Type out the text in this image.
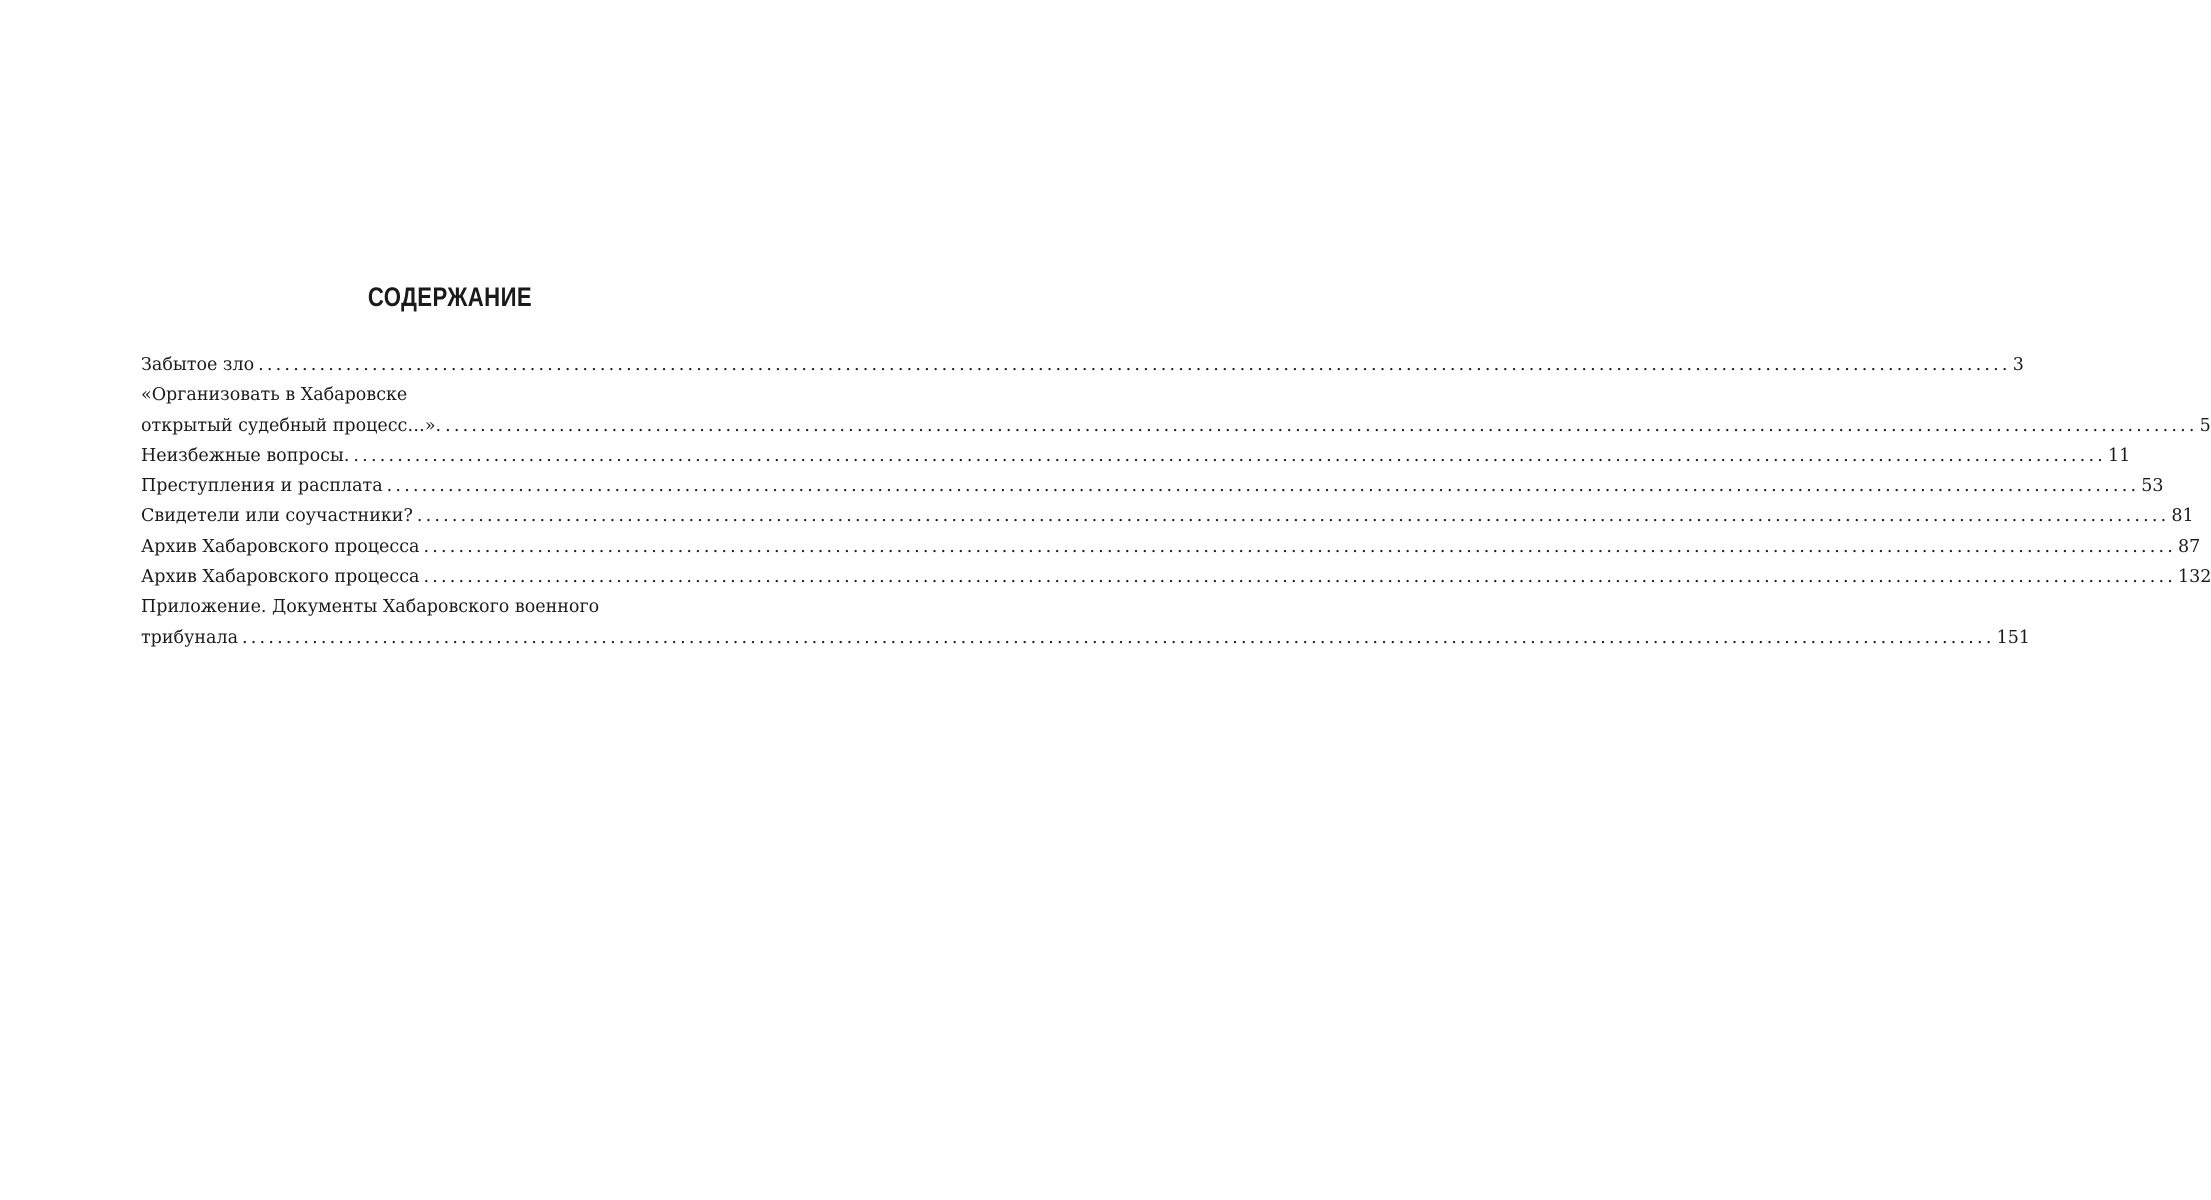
СОДЕРЖАНИЕ
Забытое зло ........................................................................................................................................................................................................ 3
«Организовать в Хабаровске
открытый судебный процесс…». ........................................................................................................................................................................................................ 5
Неизбежные вопросы. ........................................................................................................................................................................................................ 11
Преступления и расплата ........................................................................................................................................................................................................ 53
Свидетели или соучастники? ........................................................................................................................................................................................................ 81
Архив Хабаровского процесса ........................................................................................................................................................................................................ 87
Архив Хабаровского процесса ........................................................................................................................................................................................................ 132
Приложение. Документы Хабаровского военного
трибунала ........................................................................................................................................................................................................ 151
